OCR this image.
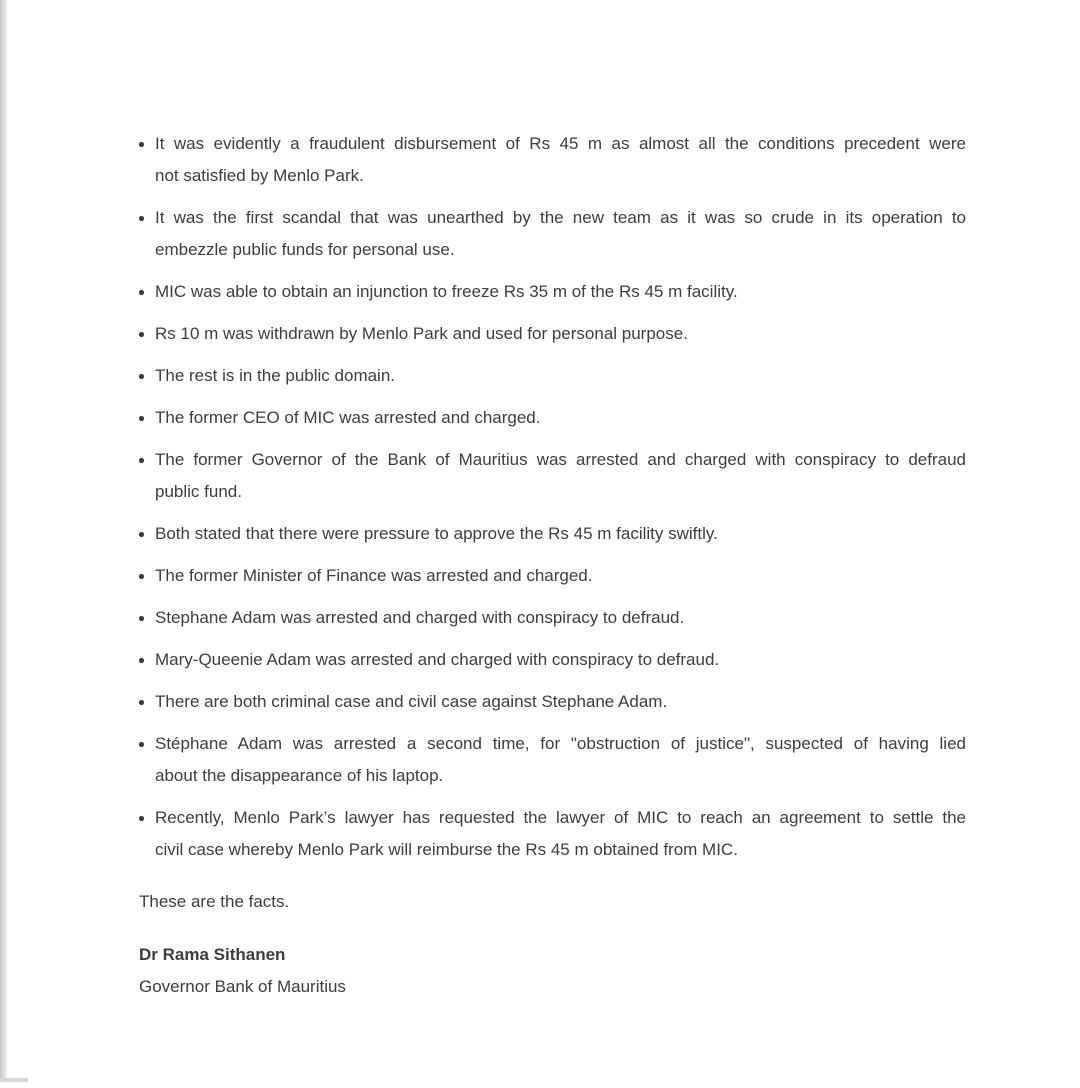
It was evidently a fraudulent disbursement of Rs 45 m as almost all the conditions precedent were
not satisfied by Menlo Park.
It was the first scandal that was unearthed by the new team as it was so crude in its operation to
embezzle public funds for personal use.
MIC was able to obtain an injunction to freeze Rs 35 m of the Rs 45 m facility.
Rs 10 m was withdrawn by Menlo Park and used for personal purpose.
The rest is in the public domain.
The former CEO of MIC was arrested and charged.
The former Governor of the Bank of Mauritius was arrested and charged with conspiracy to defraud
public fund.
Both stated that there were pressure to approve the Rs 45 m facility swiftly.
The former Minister of Finance was arrested and charged.
Stephane Adam was arrested and charged with conspiracy to defraud.
Mary-Queenie Adam was arrested and charged with conspiracy to defraud.
There are both criminal case and civil case against Stephane Adam.
Stéphane Adam was arrested a second time, for "obstruction of justice", suspected of having lied
about the disappearance of his laptop.
Recently, Menlo Park’s lawyer has requested the lawyer of MIC to reach an agreement to settle the
civil case whereby Menlo Park will reimburse the Rs 45 m obtained from MIC.

These are the facts.

Dr Rama Sithanen

Governor Bank of Mauritius
